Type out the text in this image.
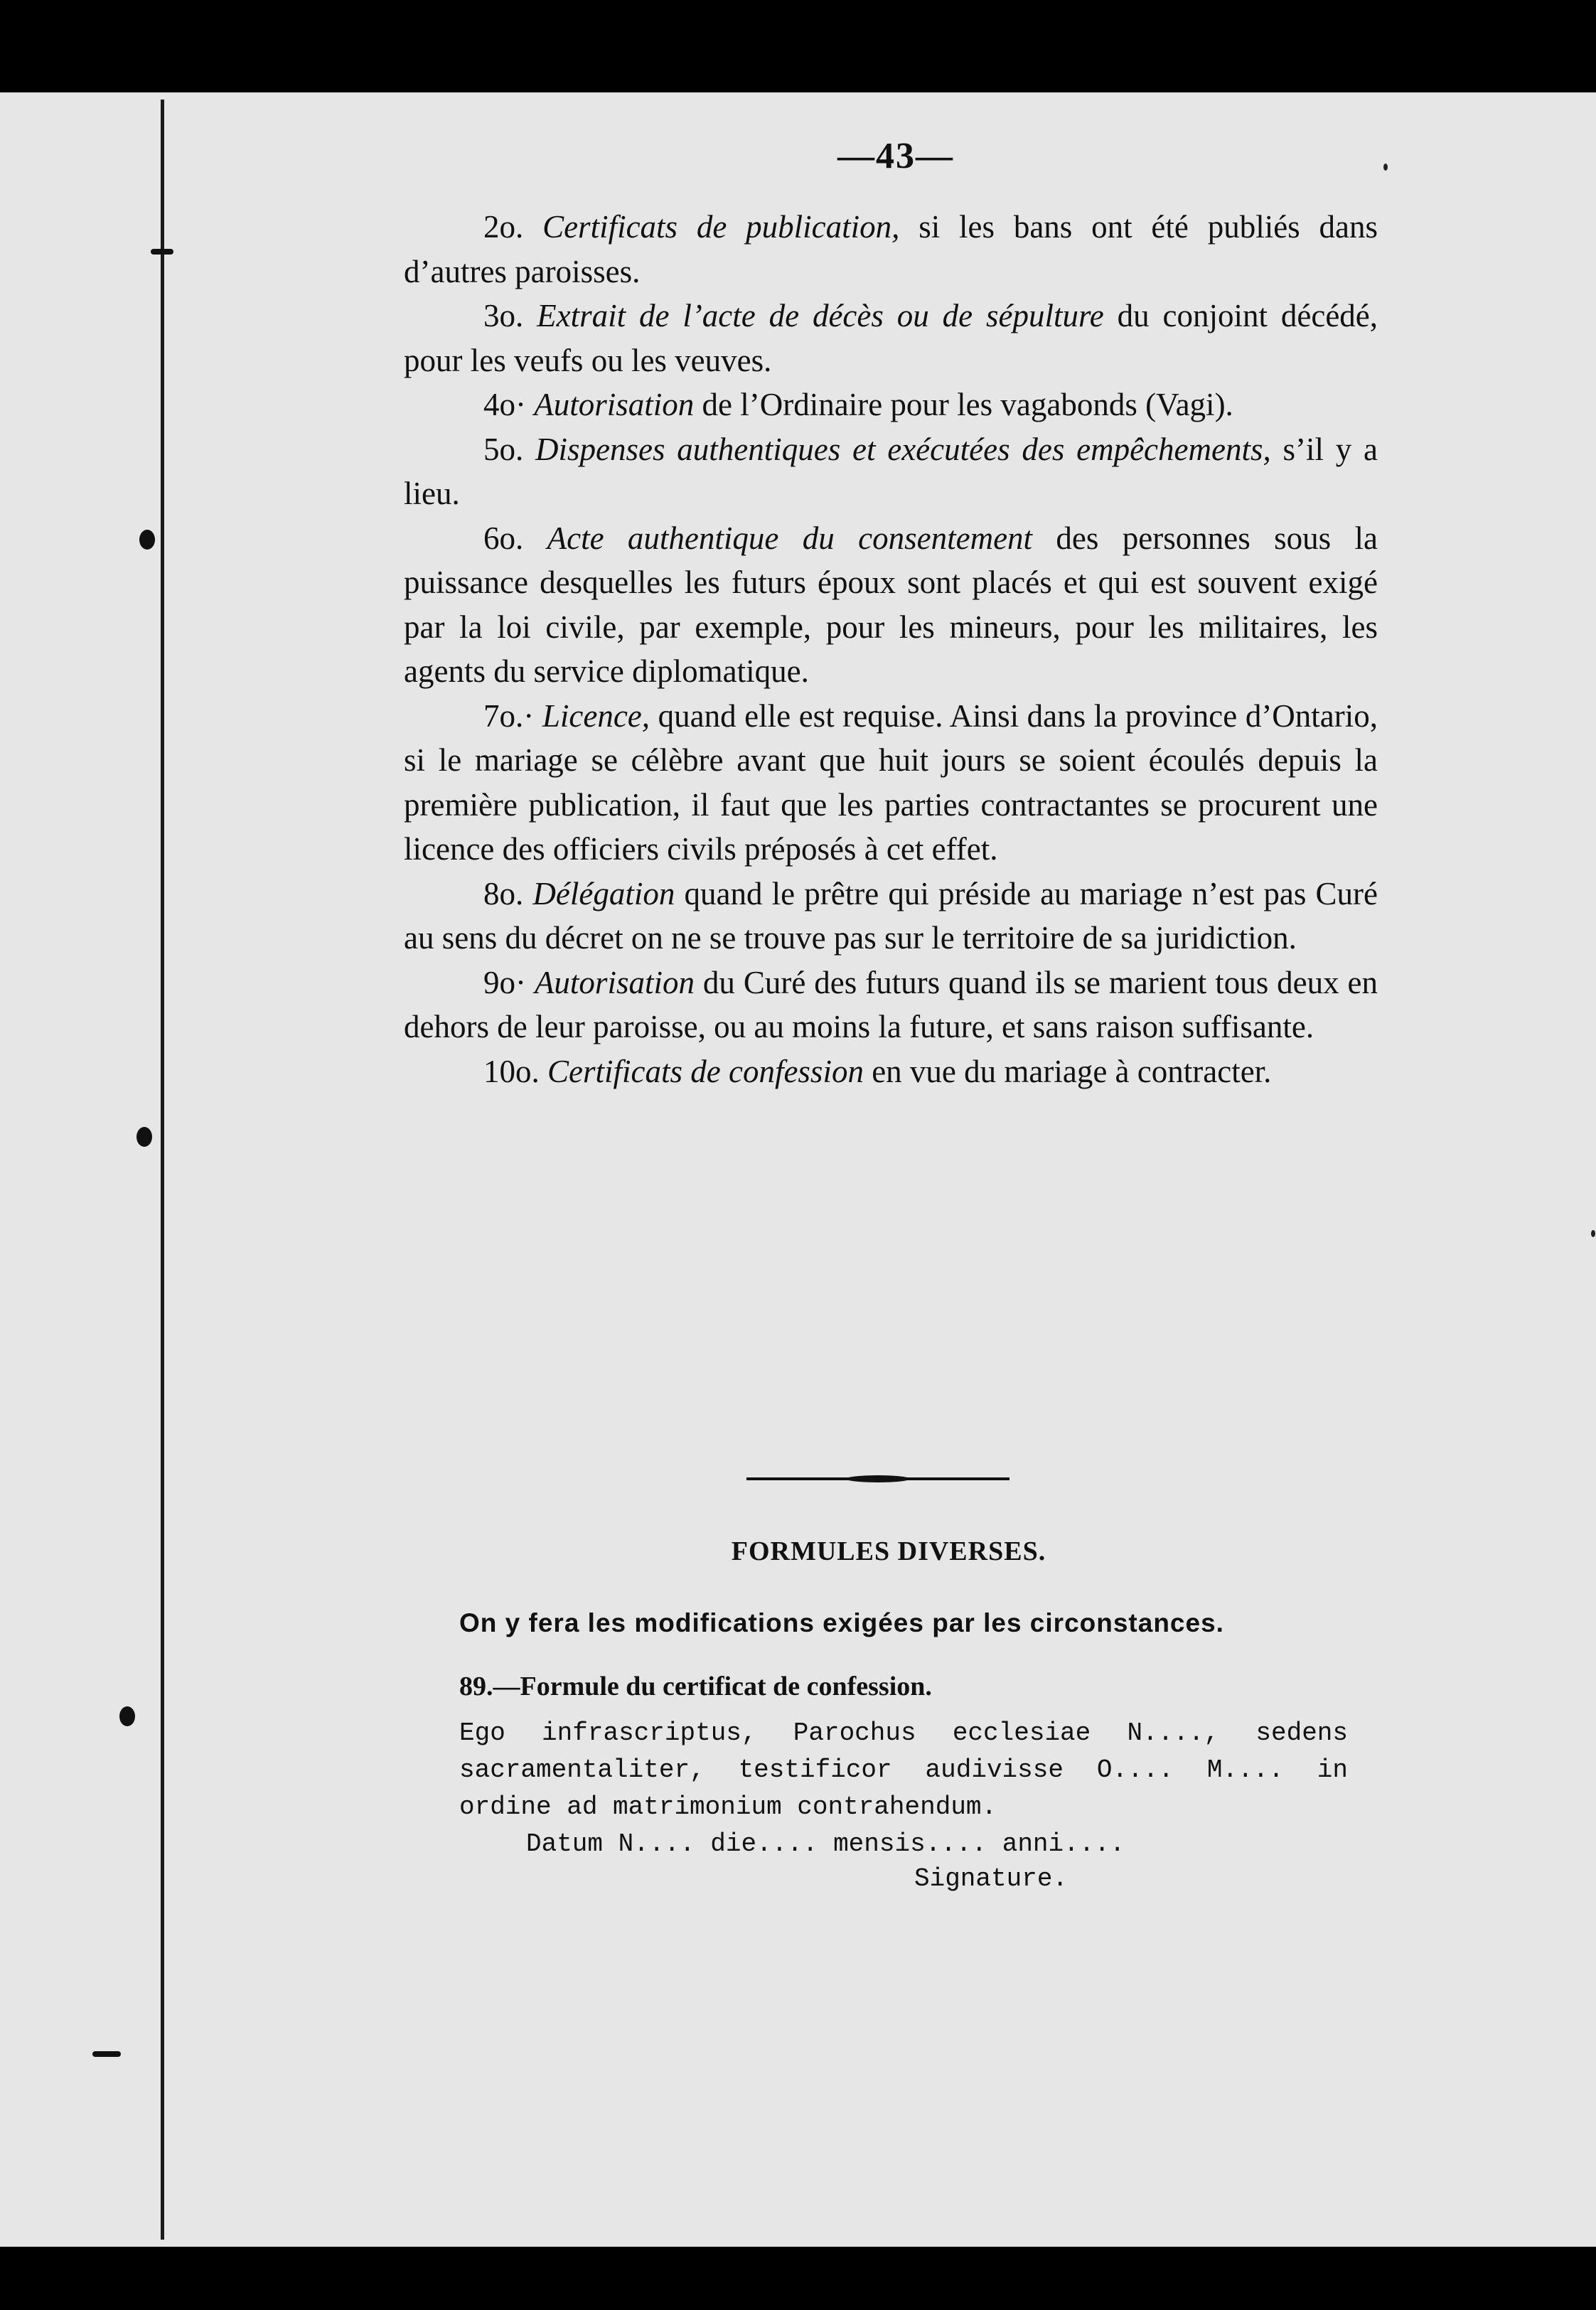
—43—

2o. Certificats de publication, si les bans ont été publiés dans d’autres paroisses.

3o. Extrait de l’acte de décès ou de sépulture du conjoint décédé, pour les veufs ou les veuves.

4o· Autorisation de l’Ordinaire pour les vagabonds (Vagi).

5o. Dispenses authentiques et exécutées des empêchements, s’il y a lieu.

6o. Acte authentique du consentement des personnes sous la puissance desquelles les futurs époux sont placés et qui est souvent exigé par la loi civile, par exemple, pour les mineurs, pour les militaires, les agents du service diplomatique.

7o.· Licence, quand elle est requise. Ainsi dans la province d’Ontario, si le mariage se célèbre avant que huit jours se soient écoulés depuis la première publication, il faut que les parties contractantes se procurent une licence des officiers civils préposés à cet effet.

8o. Délégation quand le prêtre qui préside au mariage n’est pas Curé au sens du décret on ne se trouve pas sur le territoire de sa juridiction.

9o· Autorisation du Curé des futurs quand ils se marient tous deux en dehors de leur paroisse, ou au moins la future, et sans raison suffisante.

10o. Certificats de confession en vue du mariage à contracter.

FORMULES DIVERSES.
On y fera les modifications exigées par les circonstances.
89.—Formule du certificat de confession.

Ego infrascriptus, Parochus ecclesiae N...., sedens sacramentaliter, testificor audivisse O.... M.... in ordine ad matrimonium contrahendum.

Datum N.... die.... mensis.... anni....
Signature.
